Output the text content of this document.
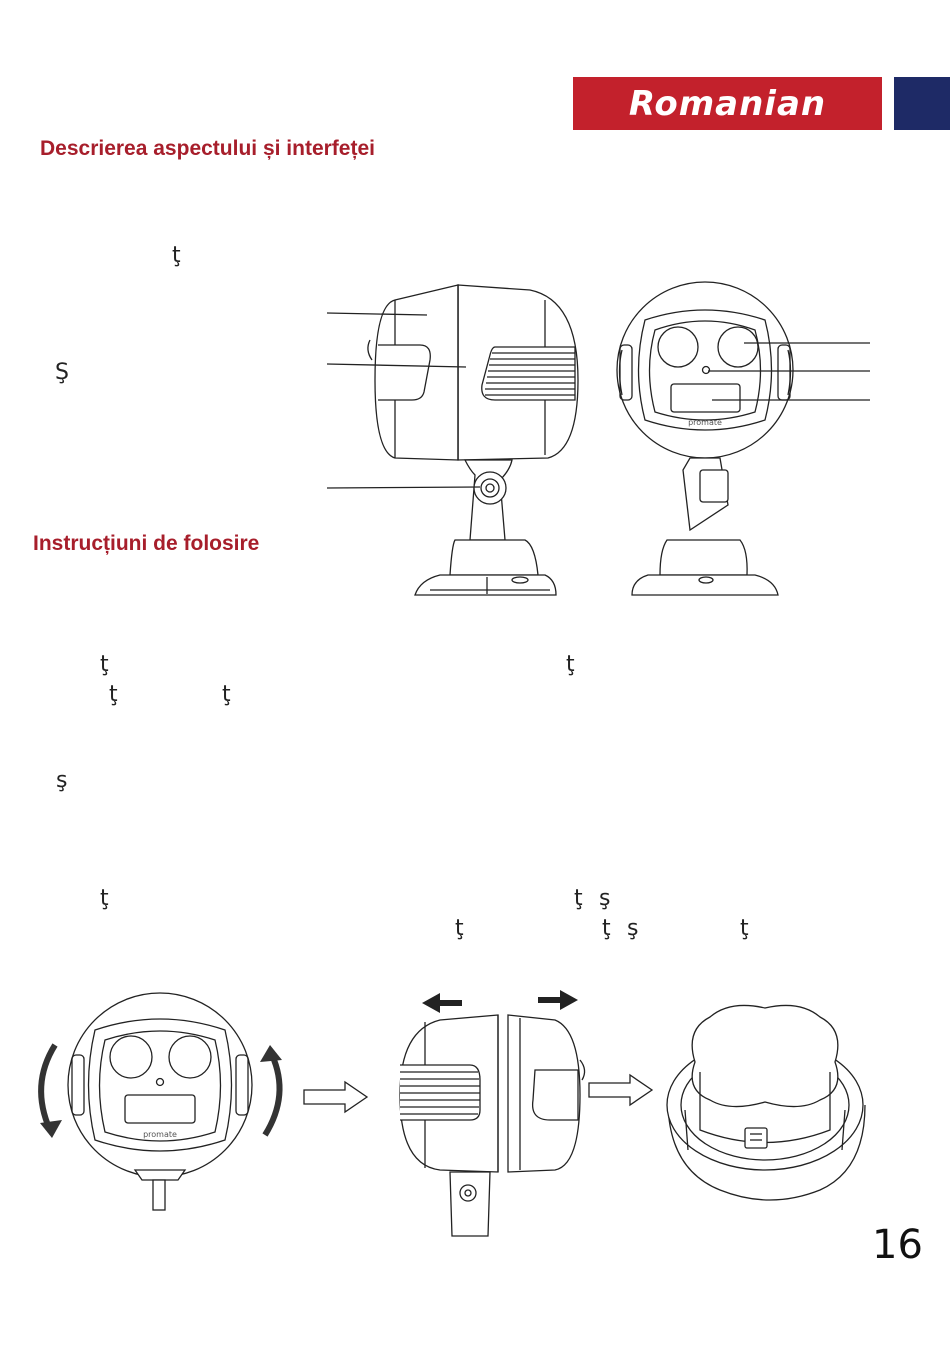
Romanian
Descrierea aspectului și interfeței
Instrucțiuni de folosire
ţ
Ş
ţ	ţ
ţ	ţ
ş
ţ	ţ ş
ţ	ţ ş	ţ
promate
promate
16
